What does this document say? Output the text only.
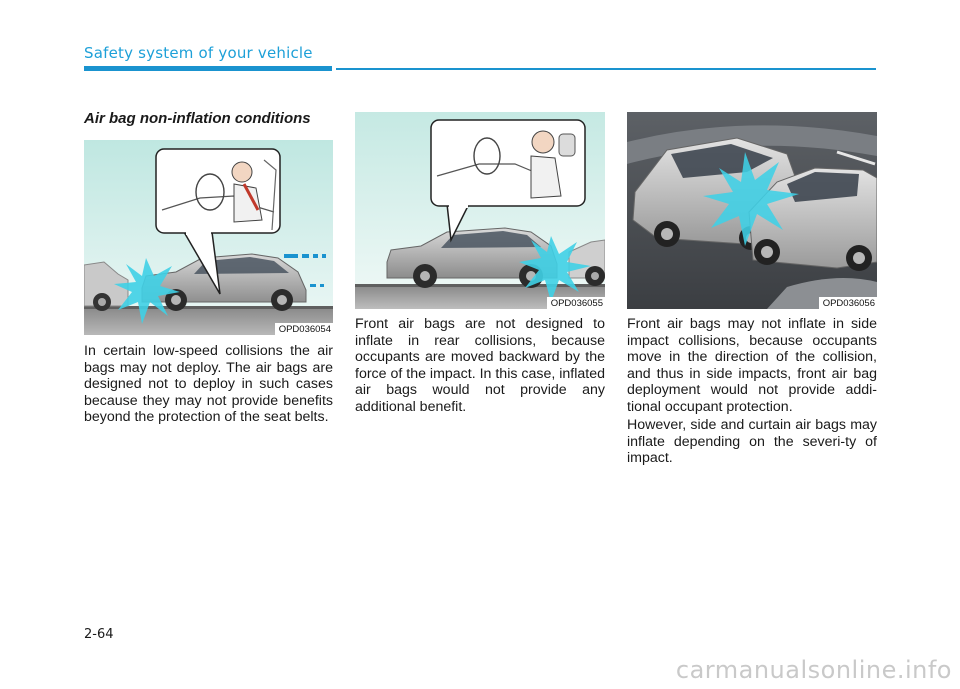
Safety system of your vehicle
Air bag non-inflation conditions
OPD036054
OPD036055	OPD036056

In certain low-speed collisions the air bags may not deploy. The air bags are designed not to deploy in such cases because they may not provide benefits beyond the protection of the seat belts.

Front air bags are not designed to inflate in rear collisions, because occupants are moved backward by the force of the impact. In this case, inflated air bags would not provide any additional benefit.

Front air bags may not inflate in side impact collisions, because occupants move in the direction of the collision, and thus in side impacts, front air bag deployment would not provide addi-tional occupant protection.

However, side and curtain air bags may inflate depending on the severi-ty of impact.

2-64

carmanualsonline.info
